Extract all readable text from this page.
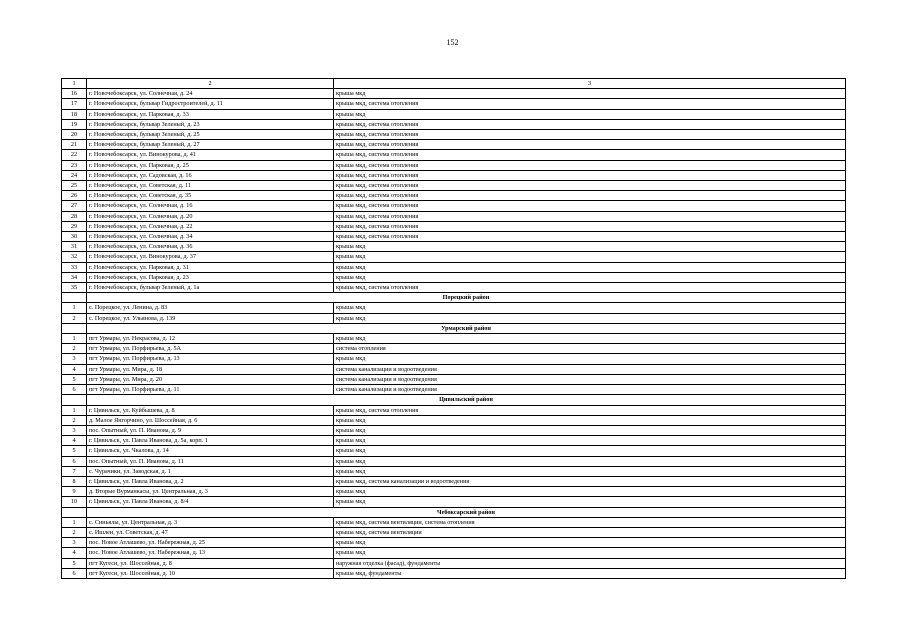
152
1	2	3
16	г. Новочебоксарск, ул. Солнечная, д. 24	крыша мкд
17	г. Новочебоксарск, бульвар Гидростроителей, д. 11	крыша мкд, система отопления
18	г. Новочебоксарск, ул. Парковая, д. 33	крыша мкд
19	г. Новочебоксарск, бульвар Зеленый, д. 23	крыша мкд, система отопления
20	г. Новочебоксарск, бульвар Зеленый, д. 25	крыша мкд, система отопления
21	г. Новочебоксарск, бульвар Зеленый, д. 27	крыша мкд, система отопления
22	г. Новочебоксарск, ул. Винокурова, д. 41	крыша мкд, система отопления
23	г. Новочебоксарск, ул. Парковая, д. 25	крыша мкд, система отопления
24	г. Новочебоксарск, ул. Садовская, д. 16	крыша мкд, система отопления
25	г. Новочебоксарск, ул. Советская, д. 11	крыша мкд, система отопления
26	г. Новочебоксарск, ул. Советская, д. 35	крыша мкд, система отопления
27	г. Новочебоксарск, ул. Солнечная, д. 16	крыша мкд, система отопления
28	г. Новочебоксарск, ул. Солнечная, д. 20	крыша мкд, система отопления
29	г. Новочебоксарск, ул. Солнечная, д. 22	крыша мкд, система отопления
30	г. Новочебоксарск, ул. Солнечная, д. 34	крыша мкд, система отопления
31	г. Новочебоксарск, ул. Солнечная, д. 36	крыша мкд
32	г. Новочебоксарск, ул. Винокурова, д. 37	крыша мкд
33	г. Новочебоксарск, ул. Парковая, д. 31	крыша мкд
34	г. Новочебоксарск, ул. Парковая, д. 23	крыша мкд
35	г. Новочебоксарск, бульвар Зеленый, д. 1а	крыша мкд, система отопления
	Порецкий район	
1	с. Порецкое, ул. Ленина, д. 83	крыша мкд
2	с. Порецкое, ул. Ульянова, д. 139	крыша мкд
	Урмарский район	
1	пгт Урмары, ул. Некрасова, д. 12	крыша мкд
2	пгт Урмары, ул. Порфирьева, д. 5А	система отопления
3	пгт Урмары, ул. Порфирьева, д. 13	крыша мкд
4	пгт Урмары, ул. Мира, д. 18	система канализации и водоотведения
5	пгт Урмары, ул. Мира, д. 20	система канализации и водоотведения
6	пгт Урмары, ул. Порфирьева, д. 11	система канализации и водоотведения
	Цивильский район	
1	г. Цивильск, ул. Куйбышева, д. 8	крыша мкд, система отопления
2	д. Малое Янгорчино, ул. Шоссейная, д. 6	крыша мкд
3	пос. Опытный, ул. П. Иванова, д. 9	крыша мкд
4	г. Цивильск, ул. Павла Иванова, д. 5а, корп. 1	крыша мкд
5	г. Цивильск, ул. Чкалова, д. 14	крыша мкд
6	пос. Опытный, ул. П. Иванова, д. 11	крыша мкд
7	с. Чурачики, ул. Заводская, д. 1	крыша мкд
8	г. Цивильск, ул. Павла Иванова, д. 2	крыша мкд, система канализации и водоотведения
9	д. Вторые Вурманкасы, ул. Центральная, д. 3	крыша мкд
10	г. Цивильск, ул. Павла Иванова, д. 8/4	крыша мкд
	Чебоксарский район	
1	с. Синьялы, ул. Центральная, д. 3	крыша мкд, система вентиляции, система отопления
2	с. Ишлеи, ул. Советская, д. 47	крыша мкд, система вентиляции
3	пос. Новое Атлашево, ул. Набережная, д. 25	крыша мкд
4	пос. Новое Атлашево, ул. Набережная, д. 13	крыша мкд
5	пгт Кугеси, ул. Шоссейная, д. 8	наружная отделка (фасад), фундаменты
6	пгт Кугеси, ул. Шоссейная, д. 10	крыша мкд, фундаменты
